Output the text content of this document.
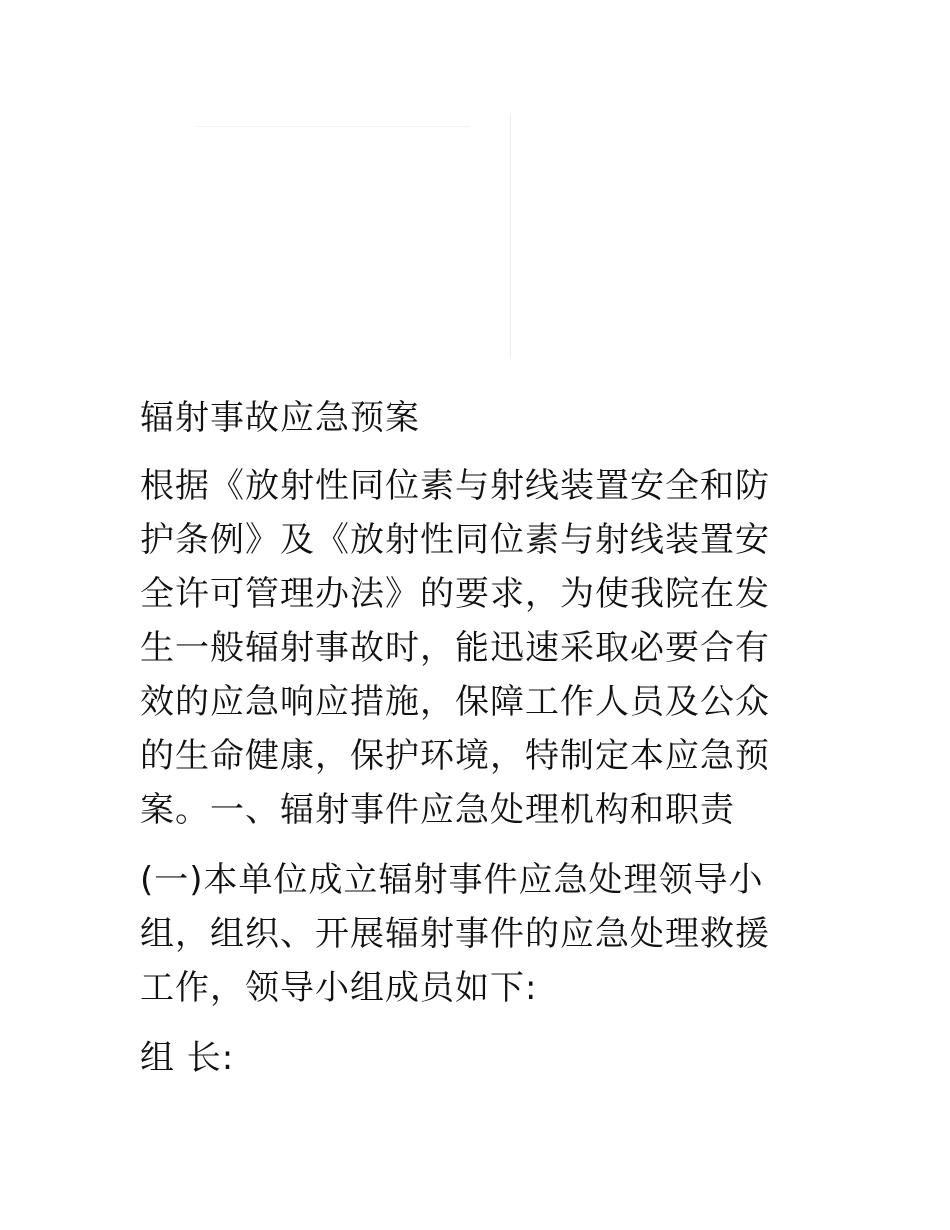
辐射事故应急预案

根据《放射性同位素与射线装置安全和防
护条例》及《放射性同位素与射线装置安
全许可管理办法》的要求，为使我院在发
生一般辐射事故时，能迅速采取必要合有
效的应急响应措施，保障工作人员及公众
的生命健康，保护环境，特制定本应急预
案。一、辐射事件应急处理机构和职责

(一)本单位成立辐射事件应急处理领导小
组，组织、开展辐射事件的应急处理救援
工作，领导小组成员如下:

组 长:
